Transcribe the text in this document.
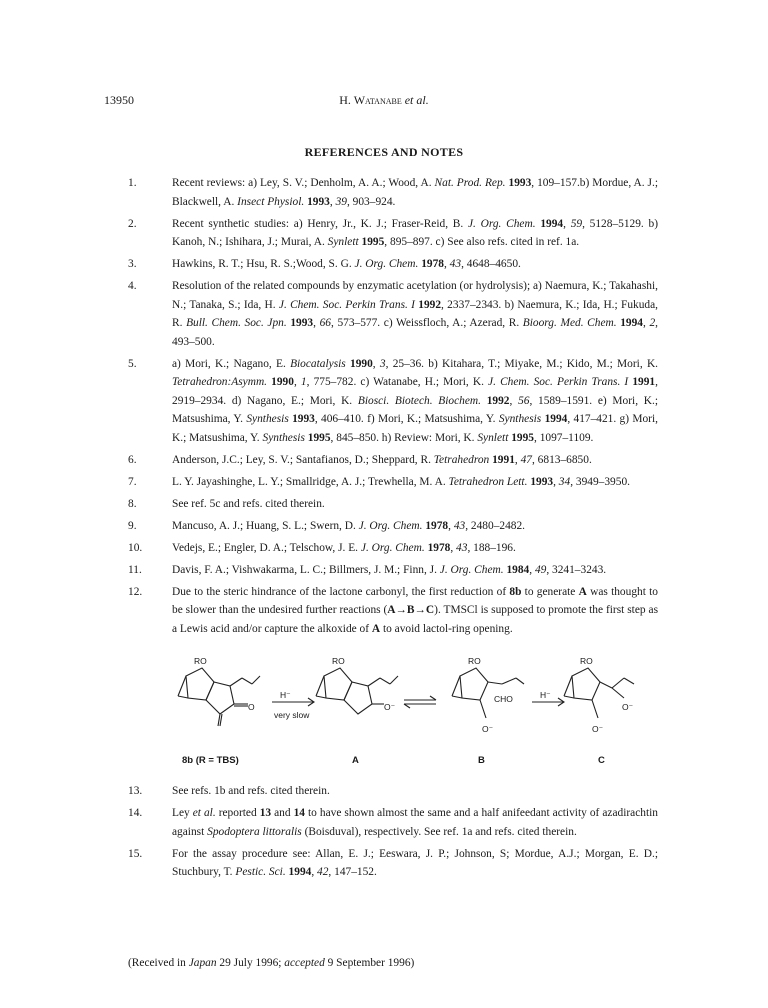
13950	H. Watanabe et al.
REFERENCES AND NOTES
1.	Recent reviews: a) Ley, S. V.; Denholm, A. A.; Wood, A. Nat. Prod. Rep. 1993, 109–157.b) Mordue, A. J.; Blackwell, A. Insect Physiol. 1993, 39, 903–924.
2.	Recent synthetic studies: a) Henry, Jr., K. J.; Fraser-Reid, B. J. Org. Chem. 1994, 59, 5128–5129. b) Kanoh, N.; Ishihara, J.; Murai, A. Synlett 1995, 895–897. c) See also refs. cited in ref. 1a.
3.	Hawkins, R. T.; Hsu, R. S.;Wood, S. G. J. Org. Chem. 1978, 43, 4648–4650.
4.	Resolution of the related compounds by enzymatic acetylation (or hydrolysis); a) Naemura, K.; Takahashi, N.; Tanaka, S.; Ida, H. J. Chem. Soc. Perkin Trans. I 1992, 2337–2343. b) Naemura, K.; Ida, H.; Fukuda, R. Bull. Chem. Soc. Jpn. 1993, 66, 573–577. c) Weissfloch, A.; Azerad, R. Bioorg. Med. Chem. 1994, 2, 493–500.
5.	a) Mori, K.; Nagano, E. Biocatalysis 1990, 3, 25–36. b) Kitahara, T.; Miyake, M.; Kido, M.; Mori, K. Tetrahedron:Asymm. 1990, 1, 775–782. c) Watanabe, H.; Mori, K. J. Chem. Soc. Perkin Trans. I 1991, 2919–2934. d) Nagano, E.; Mori, K. Biosci. Biotech. Biochem. 1992, 56, 1589–1591. e) Mori, K.; Matsushima, Y. Synthesis 1993, 406–410. f) Mori, K.; Matsushima, Y. Synthesis 1994, 417–421. g) Mori, K.; Matsushima, Y. Synthesis 1995, 845–850. h) Review: Mori, K. Synlett 1995, 1097–1109.
6.	Anderson, J.C.; Ley, S. V.; Santafianos, D.; Sheppard, R. Tetrahedron 1991, 47, 6813–6850.
7.	L. Y. Jayashinghe, L. Y.; Smallridge, A. J.; Trewhella, M. A. Tetrahedron Lett. 1993, 34, 3949–3950.
8.	See ref. 5c and refs. cited therein.
9.	Mancuso, A. J.; Huang, S. L.; Swern, D. J. Org. Chem. 1978, 43, 2480–2482.
10.	Vedejs, E.; Engler, D. A.; Telschow, J. E. J. Org. Chem. 1978, 43, 188–196.
11.	Davis, F. A.; Vishwakarma, L. C.; Billmers, J. M.; Finn, J. J. Org. Chem. 1984, 49, 3241–3243.
12.	Due to the steric hindrance of the lactone carbonyl, the first reduction of 8b to generate A was thought to be slower than the undesired further reactions (A→B→C). TMSCl is supposed to promote the first step as a Lewis acid and/or capture the alkoxide of A to avoid lactol-ring opening.
RO
O
H⁻
very slow
RO
O⁻
RO
CHO
O⁻
H⁻
RO
O⁻
O⁻
8b (R = TBS)	A	B	C
13.	See refs. 1b and refs. cited therein.
14.	Ley et al. reported 13 and 14 to have shown almost the same and a half anifeedant activity of azadirachtin against Spodoptera littoralis (Boisduval), respectively. See ref. 1a and refs. cited therein.
15.	For the assay procedure see: Allan, E. J.; Eeswara, J. P.; Johnson, S; Mordue, A.J.; Morgan, E. D.; Stuchbury, T. Pestic. Sci. 1994, 42, 147–152.
(Received in Japan 29 July 1996; accepted 9 September 1996)
